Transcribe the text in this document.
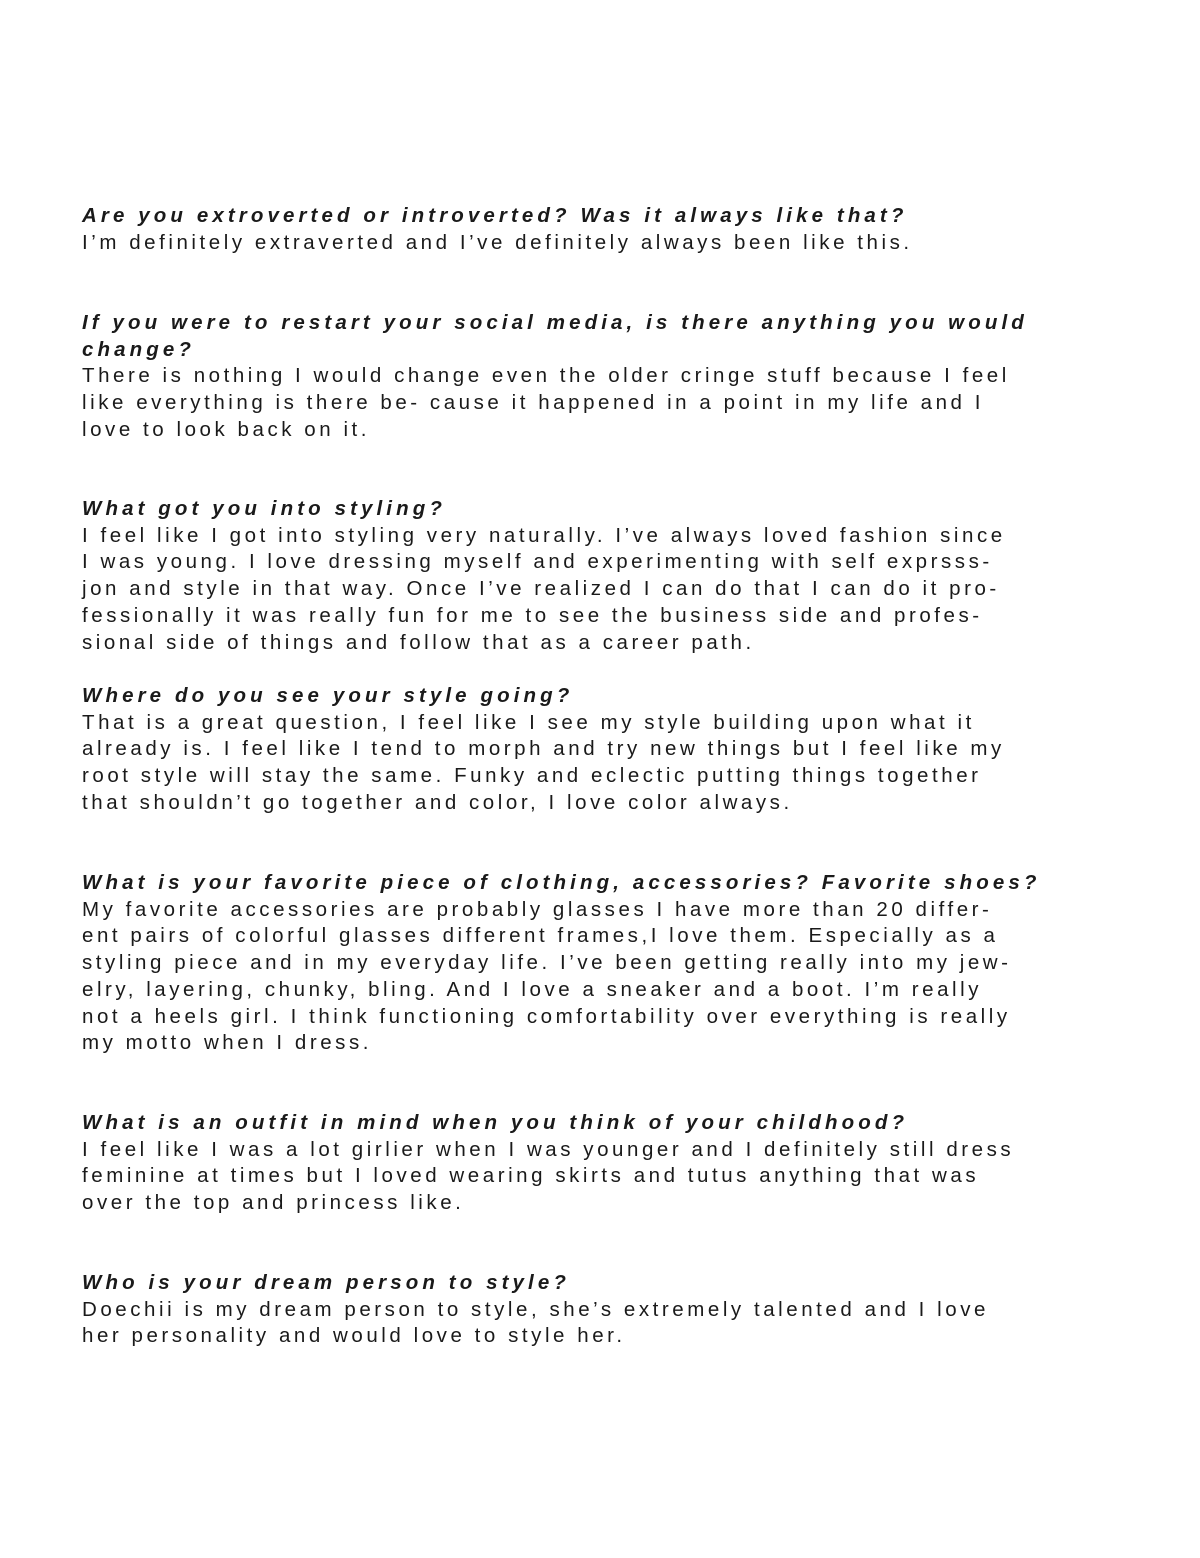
Are you extroverted or introverted? Was it always like that?

I’m definitely extraverted and I’ve definitely always been like this.

If you were to restart your social media, is there anything you would
change?

There is nothing I would change even the older cringe stuff because I feel
like everything is there be- cause it happened in a point in my life and I
love to look back on it.

What got you into styling?

I feel like I got into styling very naturally. I’ve always loved fashion since
I was young. I love dressing myself and experimenting with self exprsss-
jon and style in that way. Once I’ve realized I can do that I can do it pro-
fessionally it was really fun for me to see the business side and profes-
sional side of things and follow that as a career path.

Where do you see your style going?

That is a great question, I feel like I see my style building upon what it
already is. I feel like I tend to morph and try new things but I feel like my
root style will stay the same. Funky and eclectic putting things together
that shouldn’t go together and color, I love color always.

What is your favorite piece of clothing, accessories? Favorite shoes?

My favorite accessories are probably glasses I have more than 20 differ-
ent pairs of colorful glasses different frames,I love them. Especially as a
styling piece and in my everyday life. I’ve been getting really into my jew-
elry, layering, chunky, bling. And I love a sneaker and a boot. I’m really
not a heels girl. I think functioning comfortability over everything is really
my motto when I dress.

What is an outfit in mind when you think of your childhood?

I feel like I was a lot girlier when I was younger and I definitely still dress
feminine at times but I loved wearing skirts and tutus anything that was
over the top and princess like.

Who is your dream person to style?

Doechii is my dream person to style, she’s extremely talented and I love
her personality and would love to style her.
